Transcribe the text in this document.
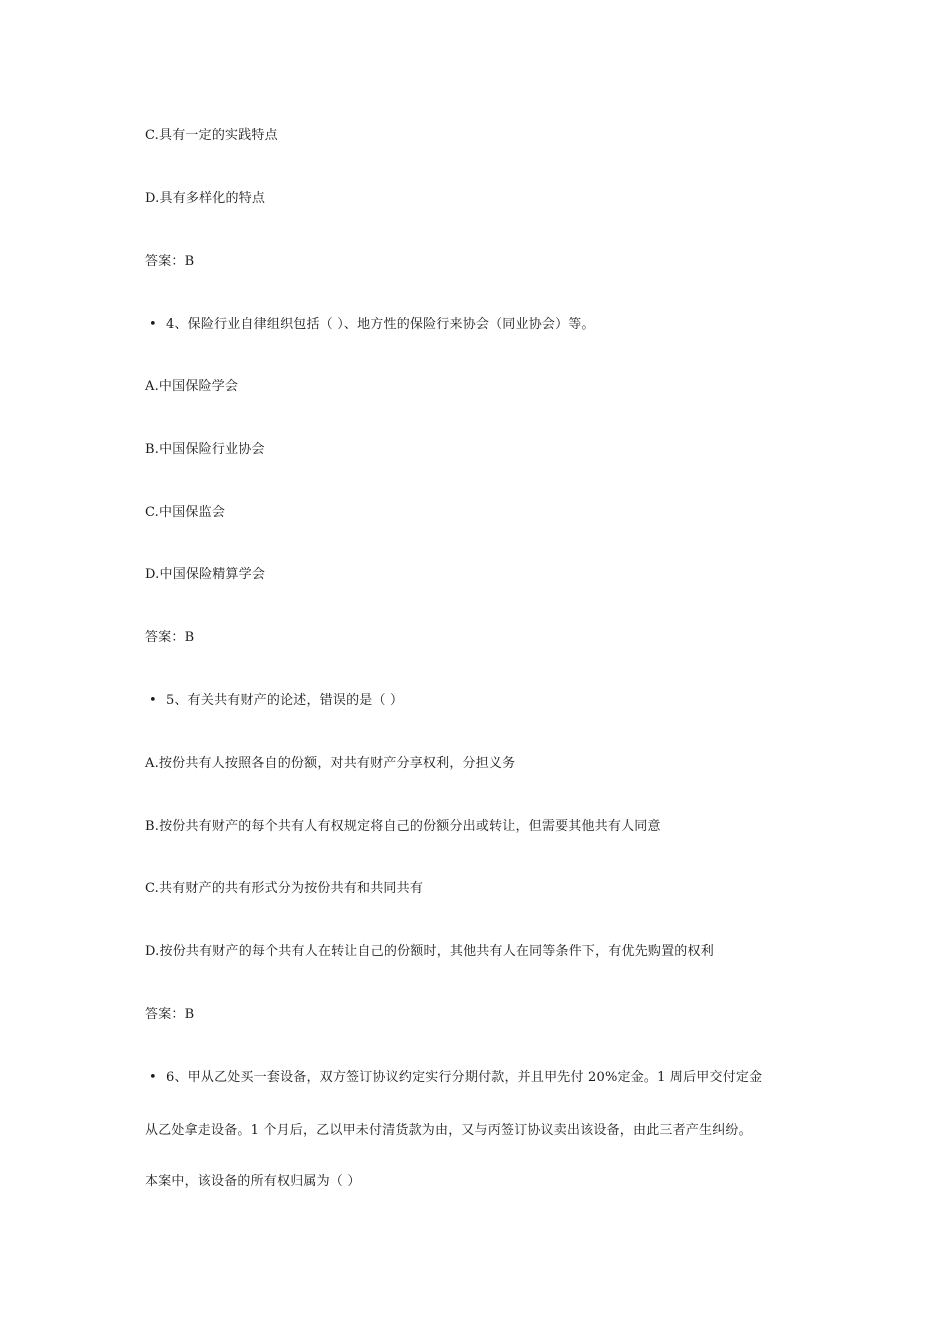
C.具有一定的实践特点
D.具有多样化的特点
答案：B
• 4、保险行业自律组织包括（ ）、地方性的保险行来协会（同业协会）等。
A.中国保险学会
B.中国保险行业协会
C.中国保监会
D.中国保险精算学会
答案：B
• 5、有关共有财产的论述，错误的是（ ）
A.按份共有人按照各自的份额，对共有财产分享权利，分担义务
B.按份共有财产的每个共有人有权规定将自己的份额分出或转让，但需要其他共有人同意
C.共有财产的共有形式分为按份共有和共同共有
D.按份共有财产的每个共有人在转让自己的份额时，其他共有人在同等条件下，有优先购置的权利
答案：B
• 6、甲从乙处买一套设备，双方签订协议约定实行分期付款，并且甲先付 20%定金。1 周后甲交付定金
从乙处拿走设备。1 个月后，乙以甲未付清货款为由，又与丙签订协议卖出该设备，由此三者产生纠纷。
本案中，该设备的所有权归属为（ ）
